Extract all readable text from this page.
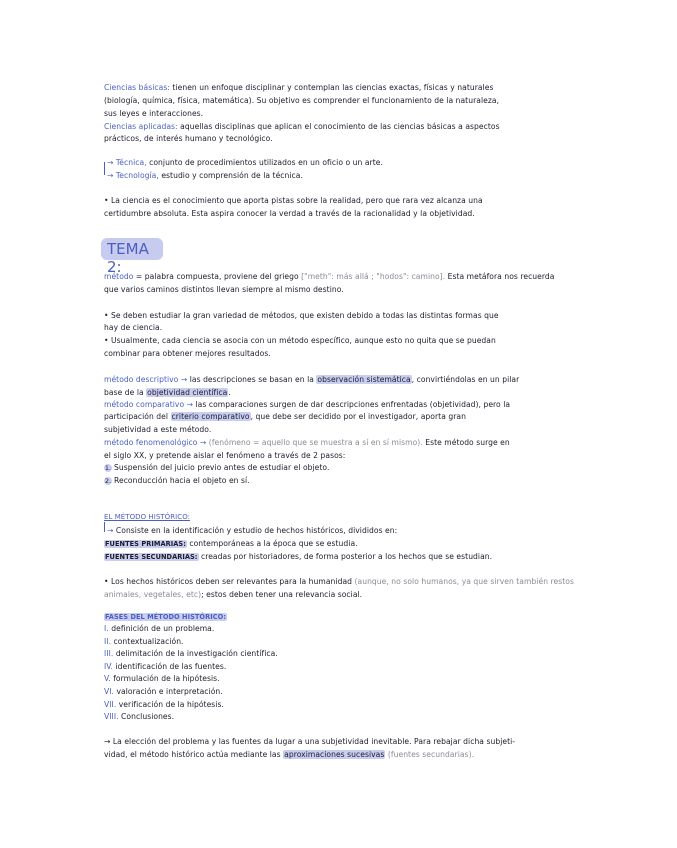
Ciencias básicas: tienen un enfoque disciplinar y contemplan las ciencias exactas, físicas y naturales
(biología, química, física, matemática). Su objetivo es comprender el funcionamiento de la naturaleza,
sus leyes e interacciones.
Ciencias aplicadas: aquellas disciplinas que aplican el conocimiento de las ciencias básicas a aspectos
prácticos, de interés humano y tecnológico.
→ Técnica, conjunto de procedimientos utilizados en un oficio o un arte.
→ Tecnología, estudio y comprensión de la técnica.
• La ciencia es el conocimiento que aporta pistas sobre la realidad, pero que rara vez alcanza una
certidumbre absoluta. Esta aspira conocer la verdad a través de la racionalidad y la objetividad.
TEMA 2:
método = palabra compuesta, proviene del griego ["meth": más allá ; "hodos": camino]. Esta metáfora nos recuerda
que varios caminos distintos llevan siempre al mismo destino.
• Se deben estudiar la gran variedad de métodos, que existen debido a todas las distintas formas que
hay de ciencia.
• Usualmente, cada ciencia se asocia con un método específico, aunque esto no quita que se puedan
combinar para obtener mejores resultados.
método descriptivo → las descripciones se basan en la observación sistemática, convirtiéndolas en un pilar
base de la objetividad científica.
método comparativo → las comparaciones surgen de dar descripciones enfrentadas (objetividad), pero la
participación del criterio comparativo, que debe ser decidido por el investigador, aporta gran
subjetividad a este método.
método fenomenológico → (fenómeno = aquello que se muestra a sí en sí mismo). Este método surge en
el siglo XX, y pretende aislar el fenómeno a través de 2 pasos:
1. Suspensión del juicio previo antes de estudiar el objeto.
2. Reconducción hacia el objeto en sí.
EL MÉTODO HISTÓRICO:
→ Consiste en la identificación y estudio de hechos históricos, divididos en:
FUENTES PRIMARIAS: contemporáneas a la época que se estudia.
FUENTES SECUNDARIAS: creadas por historiadores, de forma posterior a los hechos que se estudian.
• Los hechos históricos deben ser relevantes para la humanidad (aunque, no solo humanos, ya que sirven también restos
animales, vegetales, etc); estos deben tener una relevancia social.
FASES DEL MÉTODO HISTÓRICO:
I. definición de un problema.
II. contextualización.
III. delimitación de la investigación científica.
IV. identificación de las fuentes.
V. formulación de la hipótesis.
VI. valoración e interpretación.
VII. verificación de la hipótesis.
VIII. Conclusiones.
→ La elección del problema y las fuentes da lugar a una subjetividad inevitable. Para rebajar dicha subjeti-
vidad, el método histórico actúa mediante las aproximaciones sucesivas (fuentes secundarias).
